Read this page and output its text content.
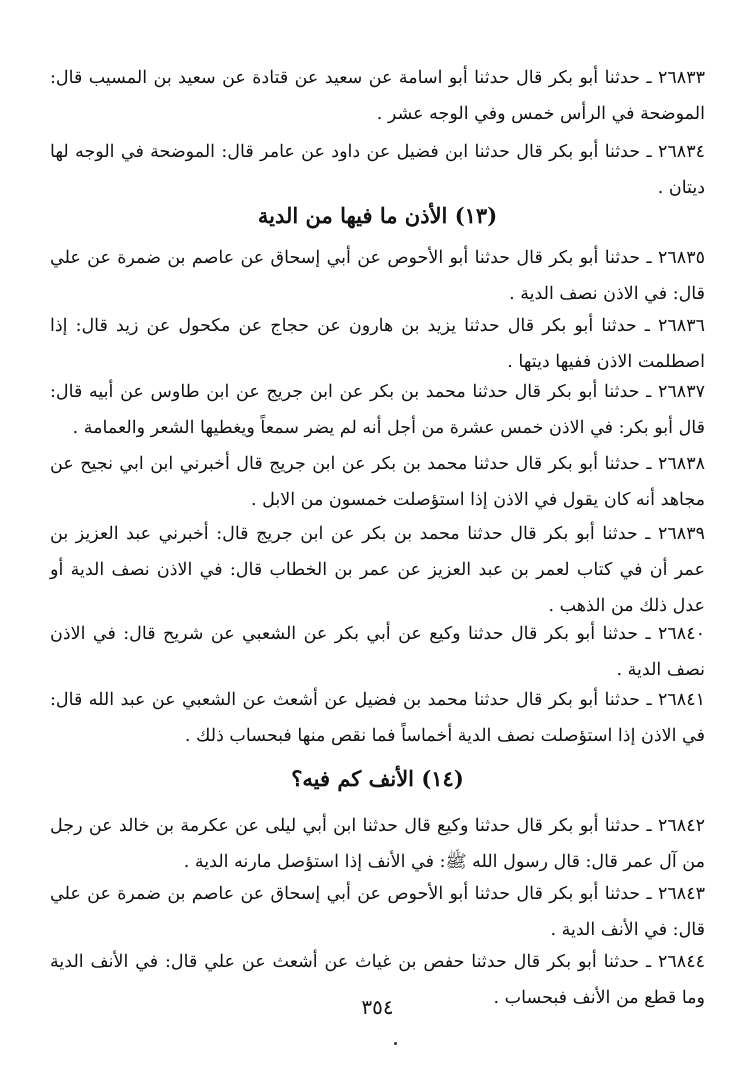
٢٦٨٣٣ ـ حدثنا أبو بكر قال حدثنا أبو اسامة عن سعيد عن قتادة عن سعيد بن المسيب قال: الموضحة في الرأس خمس وفي الوجه عشر .

٢٦٨٣٤ ـ حدثنا أبو بكر قال حدثنا ابن فضيل عن داود عن عامر قال: الموضحة في الوجه لها ديتان .

(١٣) الأذن ما فيها من الدية

٢٦٨٣٥ ـ حدثنا أبو بكر قال حدثنا أبو الأحوص عن أبي إسحاق عن عاصم بن ضمرة عن علي قال: في الاذن نصف الدية .

٢٦٨٣٦ ـ حدثنا أبو بكر قال حدثنا يزيد بن هارون عن حجاج عن مكحول عن زيد قال: إذا اصطلمت الاذن ففيها ديتها .

٢٦٨٣٧ ـ حدثنا أبو بكر قال حدثنا محمد بن بكر عن ابن جريج عن ابن طاوس عن أبيه قال: قال أبو بكر: في الاذن خمس عشرة من أجل أنه لم يضر سمعاً ويغطيها الشعر والعمامة .

٢٦٨٣٨ ـ حدثنا أبو بكر قال حدثنا محمد بن بكر عن ابن جريج قال أخبرني ابن ابي نجيح عن مجاهد أنه كان يقول في الاذن إذا استؤصلت خمسون من الابل .

٢٦٨٣٩ ـ حدثنا أبو بكر قال حدثنا محمد بن بكر عن ابن جريج قال: أخبرني عبد العزيز بن عمر أن في كتاب لعمر بن عبد العزيز عن عمر بن الخطاب قال: في الاذن نصف الدية أو عدل ذلك من الذهب .

٢٦٨٤٠ ـ حدثنا أبو بكر قال حدثنا وكيع عن أبي بكر عن الشعبي عن شريح قال: في الاذن نصف الدية .

٢٦٨٤١ ـ حدثنا أبو بكر قال حدثنا محمد بن فضيل عن أشعث عن الشعبي عن عبد الله قال: في الاذن إذا استؤصلت نصف الدية أخماساً فما نقص منها فبحساب ذلك .

(١٤) الأنف كم فيه؟

٢٦٨٤٢ ـ حدثنا أبو بكر قال حدثنا وكيع قال حدثنا ابن أبي ليلى عن عكرمة بن خالد عن رجل من آل عمر قال: قال رسول الله ﷺ: في الأنف إذا استؤصل مارنه الدية .

٢٦٨٤٣ ـ حدثنا أبو بكر قال حدثنا أبو الأحوص عن أبي إسحاق عن عاصم بن ضمرة عن علي قال: في الأنف الدية .

٢٦٨٤٤ ـ حدثنا أبو بكر قال حدثنا حفص بن غياث عن أشعث عن علي قال: في الأنف الدية وما قطع من الأنف فبحساب .

٣٥٤
